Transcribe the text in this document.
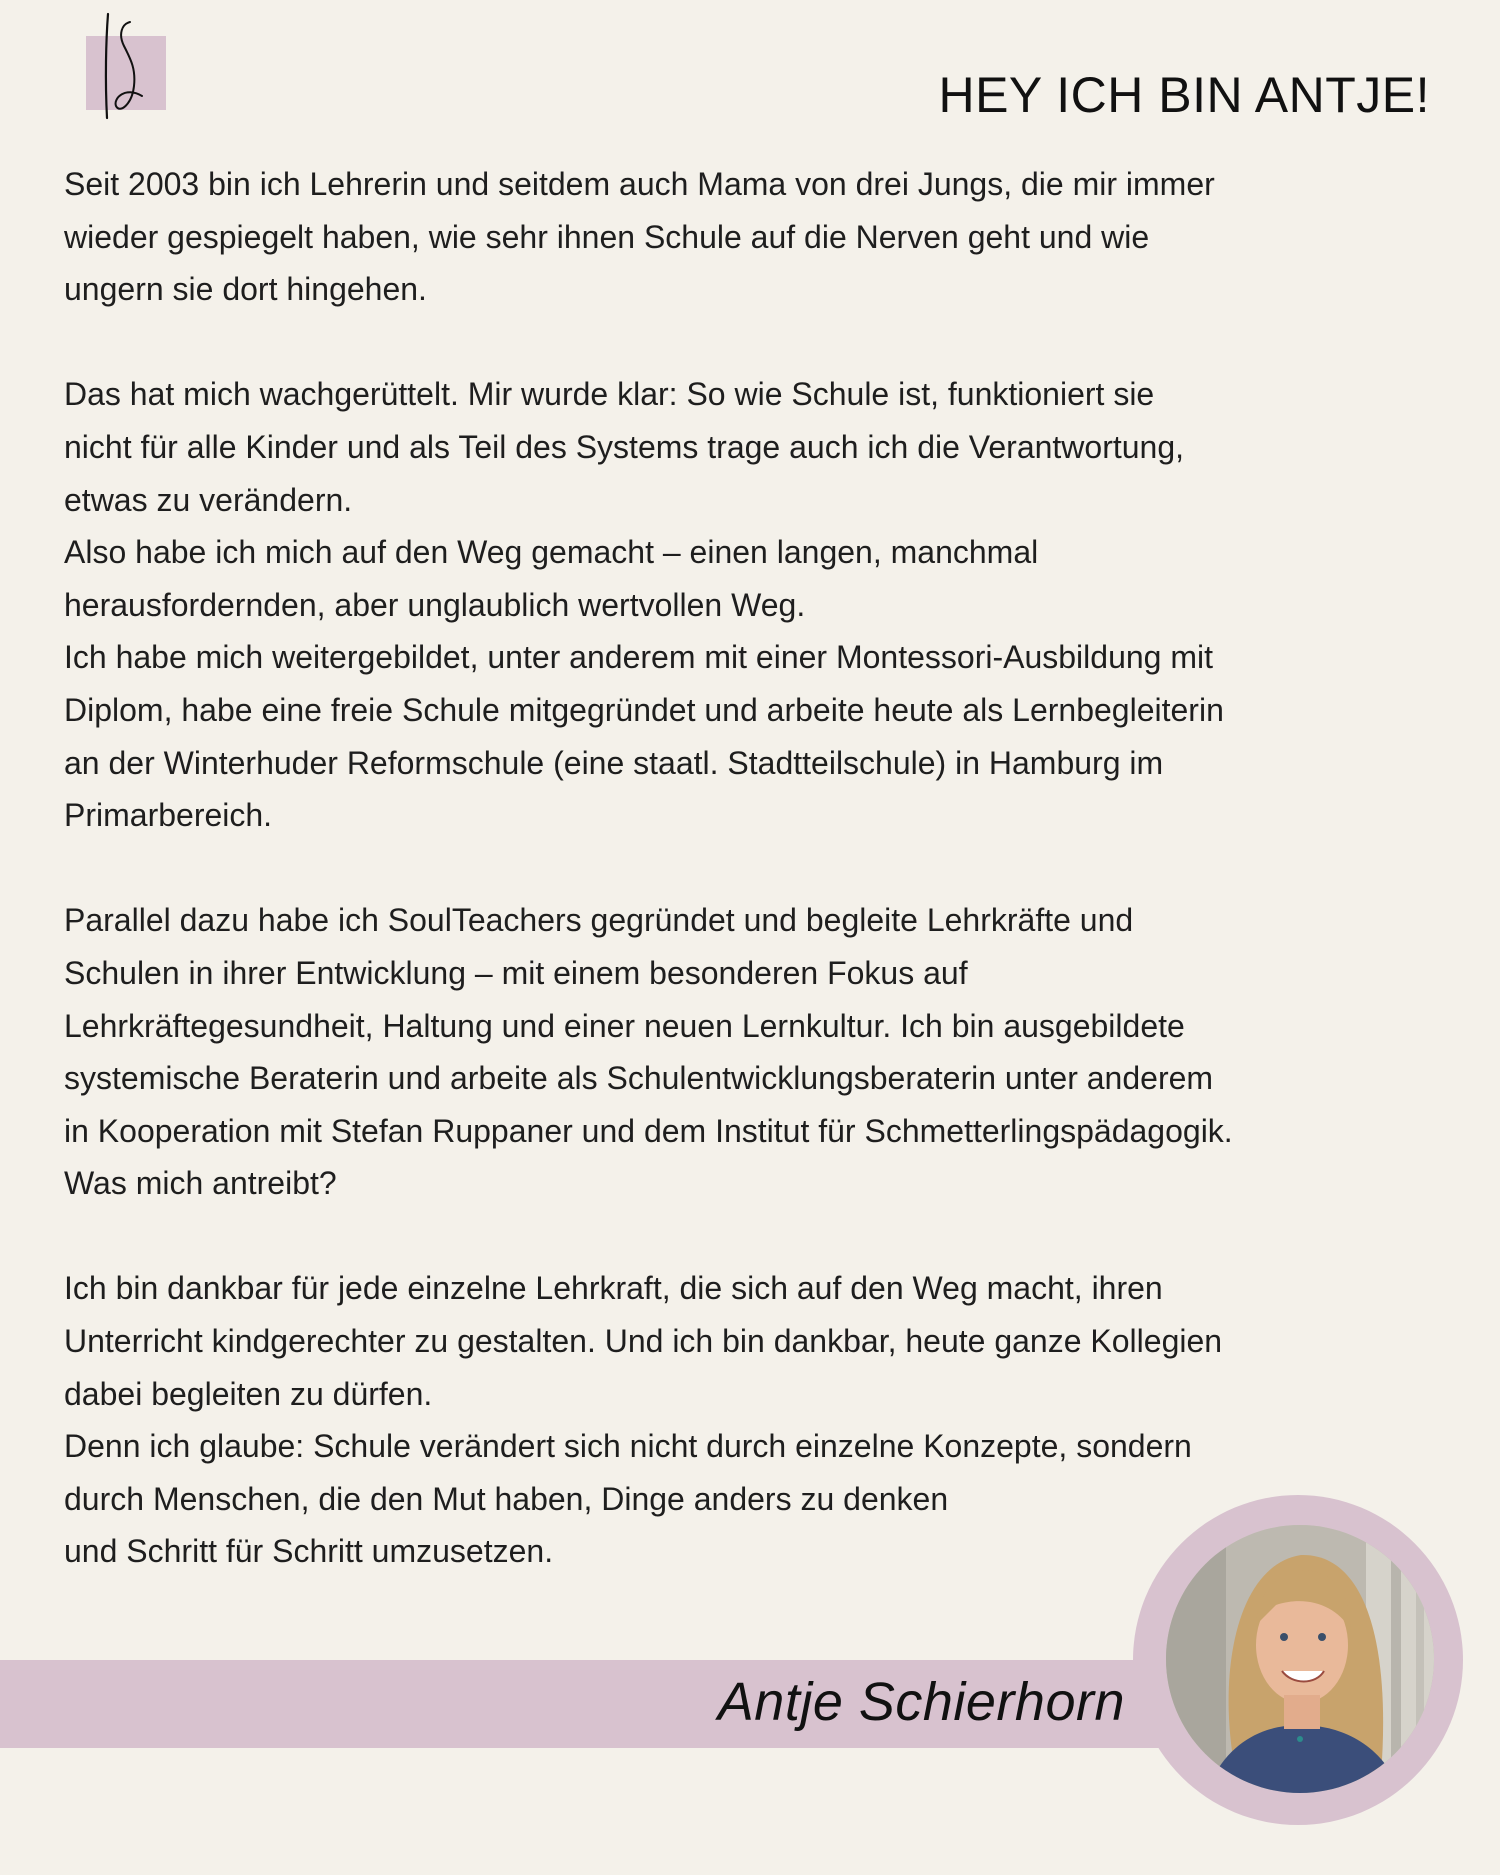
HEY ICH BIN ANTJE!

Seit 2003 bin ich Lehrerin und seitdem auch Mama von drei Jungs, die mir immer

wieder gespiegelt haben, wie sehr ihnen Schule auf die Nerven geht und wie

ungern sie dort hingehen.

Das hat mich wachgerüttelt. Mir wurde klar: So wie Schule ist, funktioniert sie

nicht für alle Kinder und als Teil des Systems trage auch ich die Verantwortung,

etwas zu verändern.

Also habe ich mich auf den Weg gemacht – einen langen, manchmal

herausfordernden, aber unglaublich wertvollen Weg.

Ich habe mich weitergebildet, unter anderem mit einer Montessori-Ausbildung mit

Diplom, habe eine freie Schule mitgegründet und arbeite heute als Lernbegleiterin

an der Winterhuder Reformschule (eine staatl. Stadtteilschule) in Hamburg im

Primarbereich.

Parallel dazu habe ich SoulTeachers gegründet und begleite Lehrkräfte und

Schulen in ihrer Entwicklung – mit einem besonderen Fokus auf

Lehrkräftegesundheit, Haltung und einer neuen Lernkultur. Ich bin ausgebildete

systemische Beraterin und arbeite als Schulentwicklungsberaterin unter anderem

in Kooperation mit Stefan Ruppaner und dem Institut für Schmetterlingspädagogik.

Was mich antreibt?

Ich bin dankbar für jede einzelne Lehrkraft, die sich auf den Weg macht, ihren

Unterricht kindgerechter zu gestalten. Und ich bin dankbar, heute ganze Kollegien

dabei begleiten zu dürfen.

Denn ich glaube: Schule verändert sich nicht durch einzelne Konzepte, sondern

durch Menschen, die den Mut haben, Dinge anders zu denken

und Schritt für Schritt umzusetzen.

Antje Schierhorn
